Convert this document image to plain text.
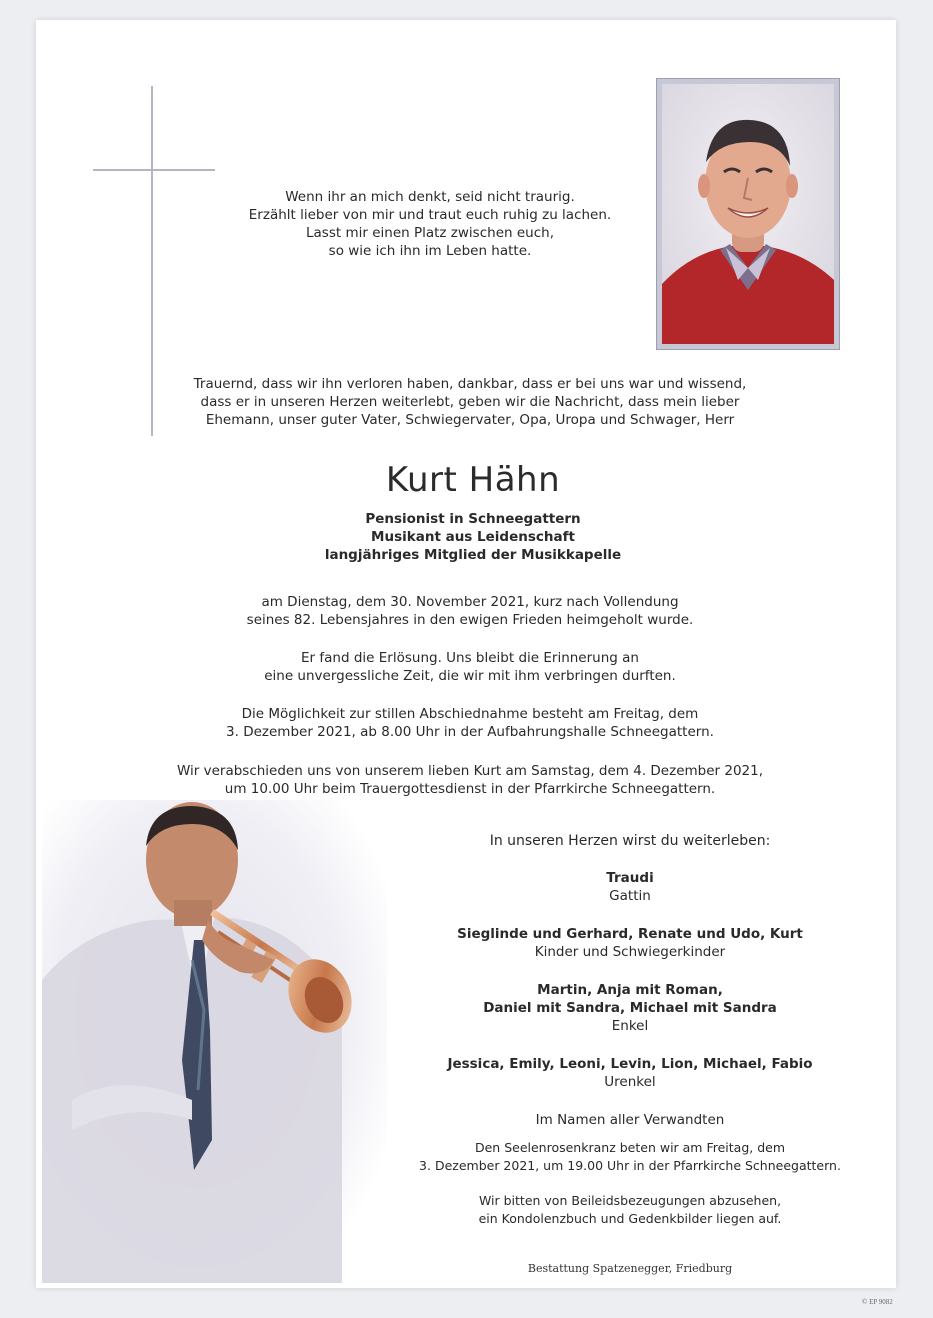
Wenn ihr an mich denkt, seid nicht traurig.
Erzählt lieber von mir und traut euch ruhig zu lachen.
Lasst mir einen Platz zwischen euch,
so wie ich ihn im Leben hatte.
Trauernd, dass wir ihn verloren haben, dankbar, dass er bei uns war und wissend,
dass er in unseren Herzen weiterlebt, geben wir die Nachricht, dass mein lieber
Ehemann, unser guter Vater, Schwiegervater, Opa, Uropa und Schwager, Herr
Kurt Hähn
Pensionist in Schneegattern
Musikant aus Leidenschaft
langjähriges Mitglied der Musikkapelle
am Dienstag, dem 30. November 2021, kurz nach Vollendung
seines 82. Lebensjahres in den ewigen Frieden heimgeholt wurde.
Er fand die Erlösung. Uns bleibt die Erinnerung an
eine unvergessliche Zeit, die wir mit ihm verbringen durften.
Die Möglichkeit zur stillen Abschiednahme besteht am Freitag, dem
3. Dezember 2021, ab 8.00 Uhr in der Aufbahrungshalle Schneegattern.
Wir verabschieden uns von unserem lieben Kurt am Samstag, dem 4. Dezember 2021,
um 10.00 Uhr beim Trauergottesdienst in der Pfarrkirche Schneegattern.
In unseren Herzen wirst du weiterleben:
Traudi
Gattin
Sieglinde und Gerhard, Renate und Udo, Kurt
Kinder und Schwiegerkinder
Martin, Anja mit Roman,
Daniel mit Sandra, Michael mit Sandra
Enkel
Jessica, Emily, Leoni, Levin, Lion, Michael, Fabio
Urenkel
Im Namen aller Verwandten
Den Seelenrosenkranz beten wir am Freitag, dem
3. Dezember 2021, um 19.00 Uhr in der Pfarrkirche Schneegattern.
Wir bitten von Beileidsbezeugungen abzusehen,
ein Kondolenzbuch und Gedenkbilder liegen auf.
Bestattung Spatzenegger, Friedburg
© EP 9082
